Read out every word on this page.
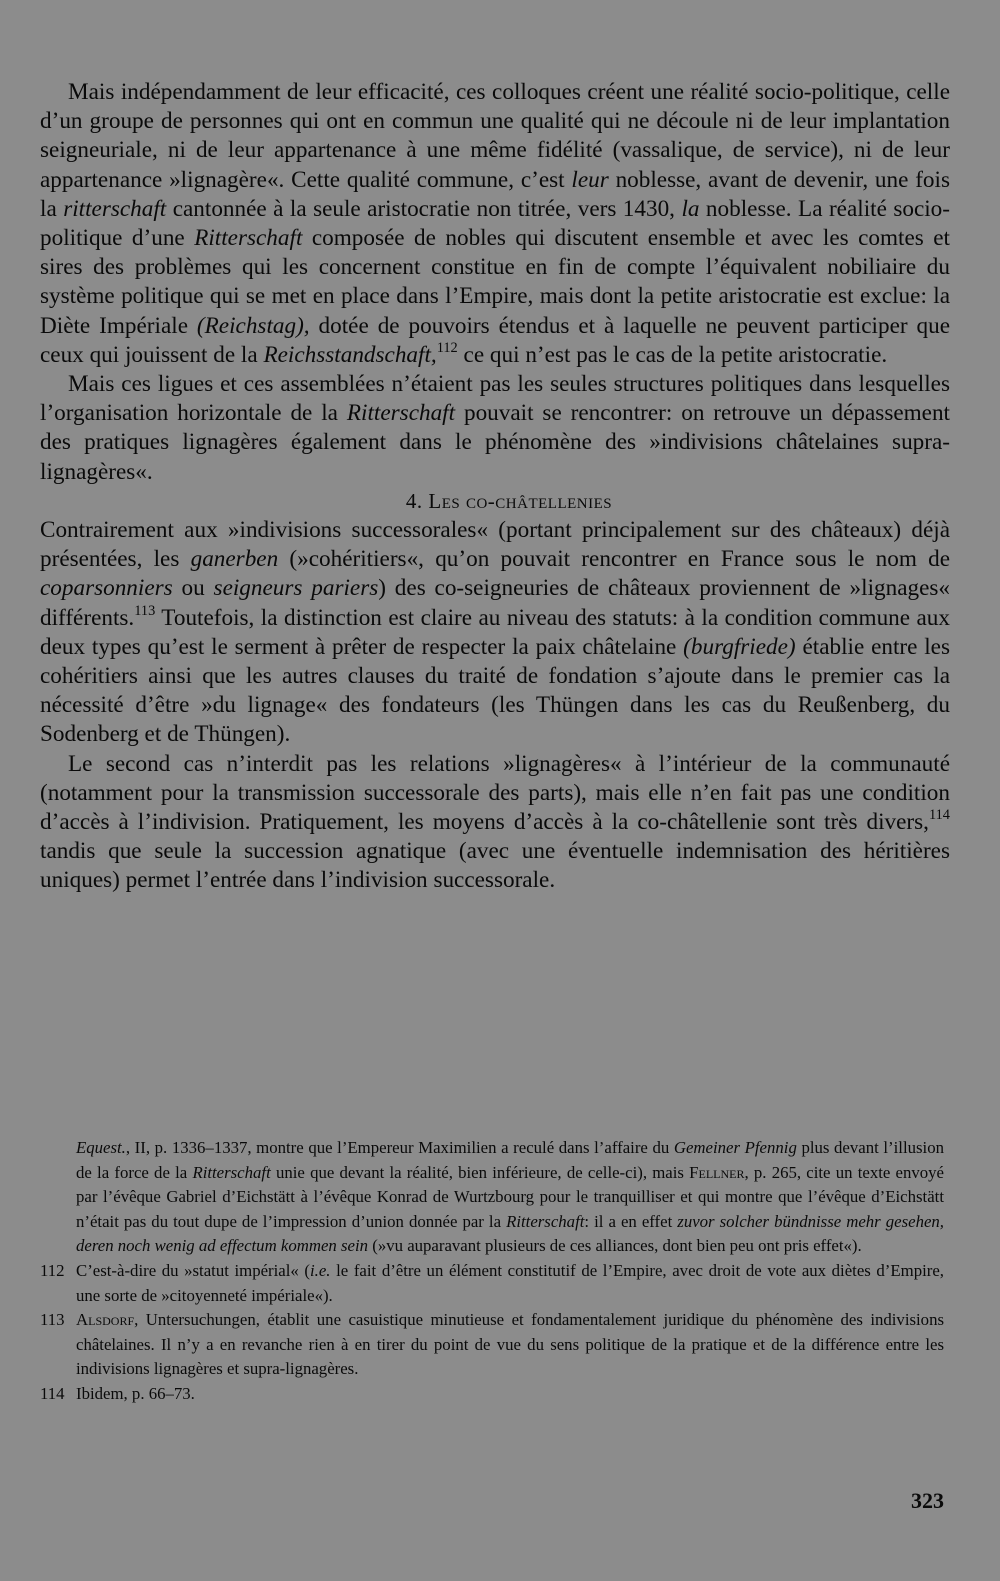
Mais indépendamment de leur efficacité, ces colloques créent une réalité socio-politique, celle d’un groupe de personnes qui ont en commun une qualité qui ne découle ni de leur implantation seigneuriale, ni de leur appartenance à une même fidélité (vassalique, de service), ni de leur appartenance »lignagère«. Cette qualité commune, c’est leur noblesse, avant de devenir, une fois la ritterschaft cantonnée à la seule aristocratie non titrée, vers 1430, la noblesse. La réalité socio-politique d’une Ritterschaft composée de nobles qui discutent ensemble et avec les comtes et sires des problèmes qui les concernent constitue en fin de compte l’équivalent nobiliaire du système politique qui se met en place dans l’Empire, mais dont la petite aristocratie est exclue: la Diète Impériale (Reichstag), dotée de pouvoirs étendus et à laquelle ne peuvent participer que ceux qui jouissent de la Reichsstandschaft,$^{112}$ ce qui n’est pas le cas de la petite aristocratie.

Mais ces ligues et ces assemblées n’étaient pas les seules structures politiques dans lesquelles l’organisation horizontale de la Ritterschaft pouvait se rencontrer: on retrouve un dépassement des pratiques lignagères également dans le phénomène des »indivisions châtelaines supra-lignagères«.

4. Les co-châtellenies

Contrairement aux »indivisions successorales« (portant principalement sur des châteaux) déjà présentées, les ganerben (»cohéritiers«, qu’on pouvait rencontrer en France sous le nom de coparsonniers ou seigneurs pariers) des co-seigneuries de châteaux proviennent de »lignages« différents.$^{113}$ Toutefois, la distinction est claire au niveau des statuts: à la condition commune aux deux types qu’est le serment à prêter de respecter la paix châtelaine (burgfriede) établie entre les cohéritiers ainsi que les autres clauses du traité de fondation s’ajoute dans le premier cas la nécessité d’être »du lignage« des fondateurs (les Thüngen dans les cas du Reußenberg, du Sodenberg et de Thüngen).

Le second cas n’interdit pas les relations »lignagères« à l’intérieur de la communauté (notamment pour la transmission successorale des parts), mais elle n’en fait pas une condition d’accès à l’indivision. Pratiquement, les moyens d’accès à la co-châtellenie sont très divers,$^{114}$ tandis que seule la succession agnatique (avec une éventuelle indemnisation des héritières uniques) permet l’entrée dans l’indivision successorale.

Equest., II, p. 1336–1337, montre que l’Empereur Maximilien a reculé dans l’affaire du Gemeiner Pfennig plus devant l’illusion de la force de la Ritterschaft unie que devant la réalité, bien inférieure, de celle-ci), mais Fellner, p. 265, cite un texte envoyé par l’évêque Gabriel d’Eichstätt à l’évêque Konrad de Wurtzbourg pour le tranquilliser et qui montre que l’évêque d’Eichstätt n’était pas du tout dupe de l’impression d’union donnée par la Ritterschaft: il a en effet zuvor solcher bündnisse mehr gesehen, deren noch wenig ad effectum kommen sein (»vu auparavant plusieurs de ces alliances, dont bien peu ont pris effet«).

112 C’est-à-dire du »statut impérial« (i.e. le fait d’être un élément constitutif de l’Empire, avec droit de vote aux diètes d’Empire, une sorte de »citoyenneté impériale«).

113 Alsdorf, Untersuchungen, établit une casuistique minutieuse et fondamentalement juridique du phénomène des indivisions châtelaines. Il n’y a en revanche rien à en tirer du point de vue du sens politique de la pratique et de la différence entre les indivisions lignagères et supra-lignagères.

114 Ibidem, p. 66–73.

323
